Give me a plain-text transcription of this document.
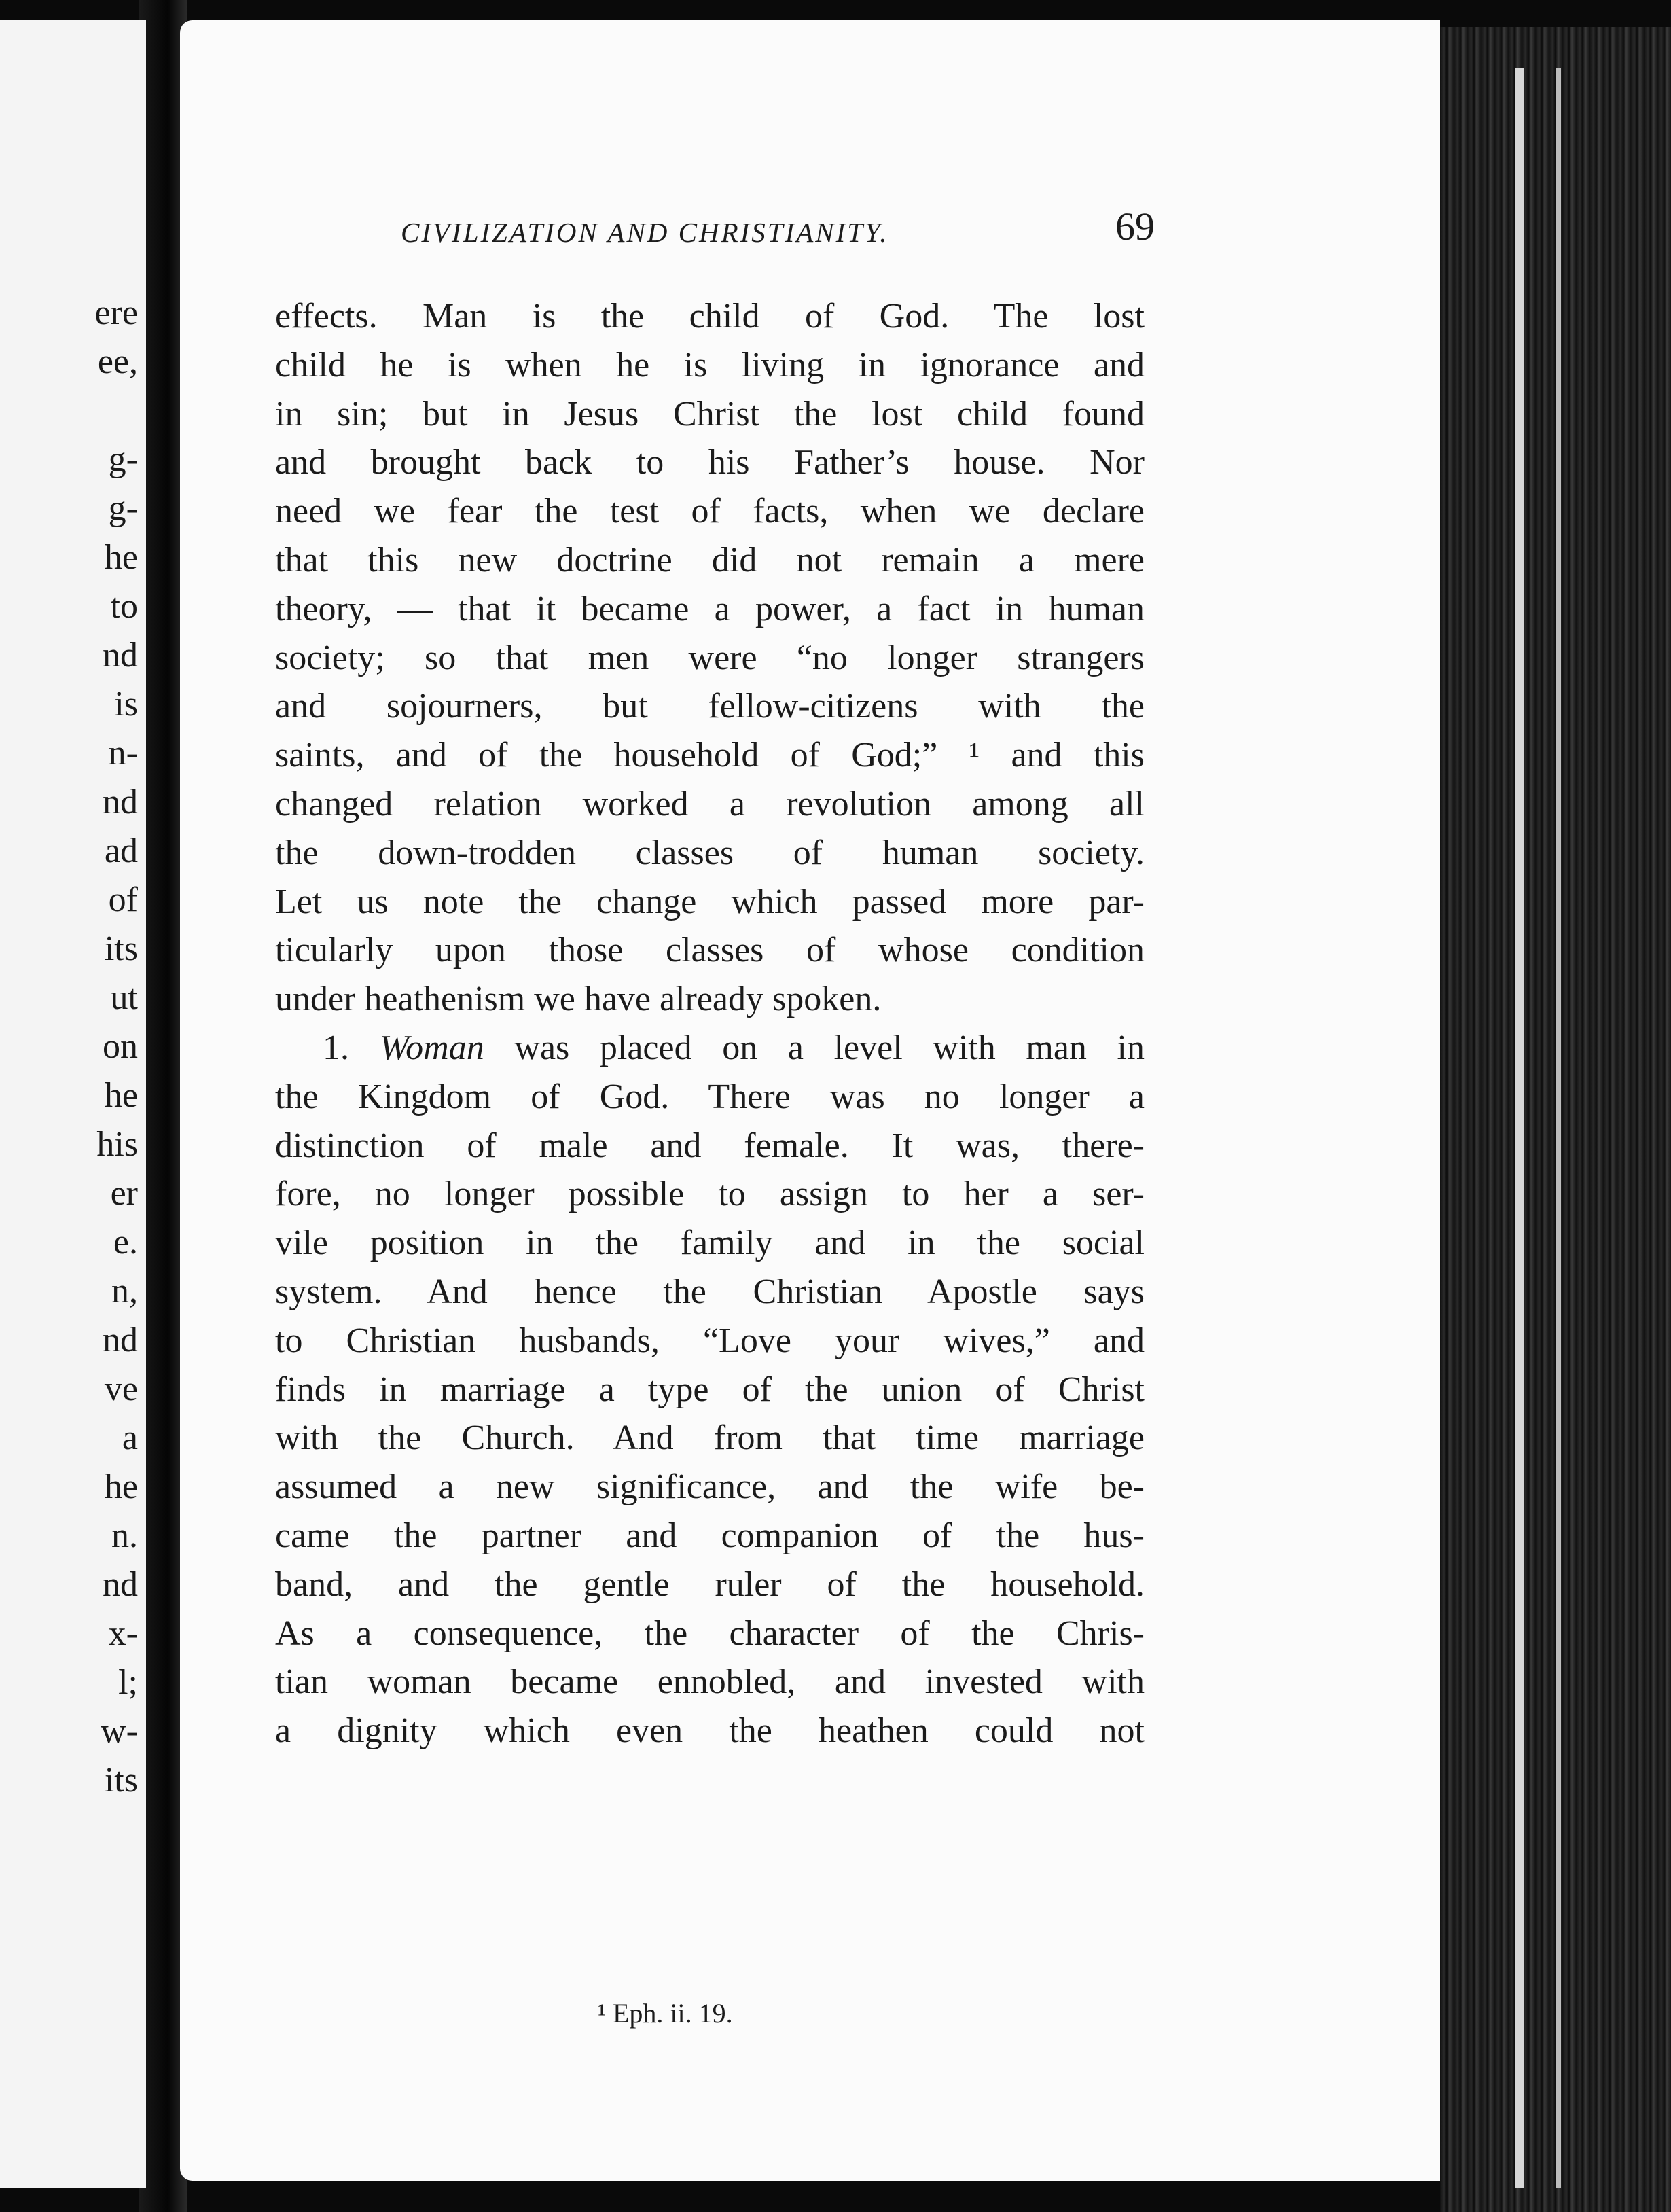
ere
ee,
g-
g-
he
to
nd
is
n-
nd
ad
of
its
ut
on
he
his
er
e.
n,
nd
ve
a
he
n.
nd
x-
l;
w-
its
CIVILIZATION AND CHRISTIANITY.	69
effects. Man is the child of God. The lost
child he is when he is living in ignorance and
in sin; but in Jesus Christ the lost child found
and brought back to his Father’s house. Nor
need we fear the test of facts, when we declare
that this new doctrine did not remain a mere
theory, — that it became a power, a fact in human
society; so that men were “no longer strangers
and sojourners, but fellow-citizens with the
saints, and of the household of God;” ¹ and this
changed relation worked a revolution among all
the down-trodden classes of human society.
Let us note the change which passed more par-
ticularly upon those classes of whose condition
under heathenism we have already spoken.
1. Woman was placed on a level with man in
the Kingdom of God. There was no longer a
distinction of male and female. It was, there-
fore, no longer possible to assign to her a ser-
vile position in the family and in the social
system. And hence the Christian Apostle says
to Christian husbands, “Love your wives,” and
finds in marriage a type of the union of Christ
with the Church. And from that time marriage
assumed a new significance, and the wife be-
came the partner and companion of the hus-
band, and the gentle ruler of the household.
As a consequence, the character of the Chris-
tian woman became ennobled, and invested with
a dignity which even the heathen could not
¹ Eph. ii. 19.
